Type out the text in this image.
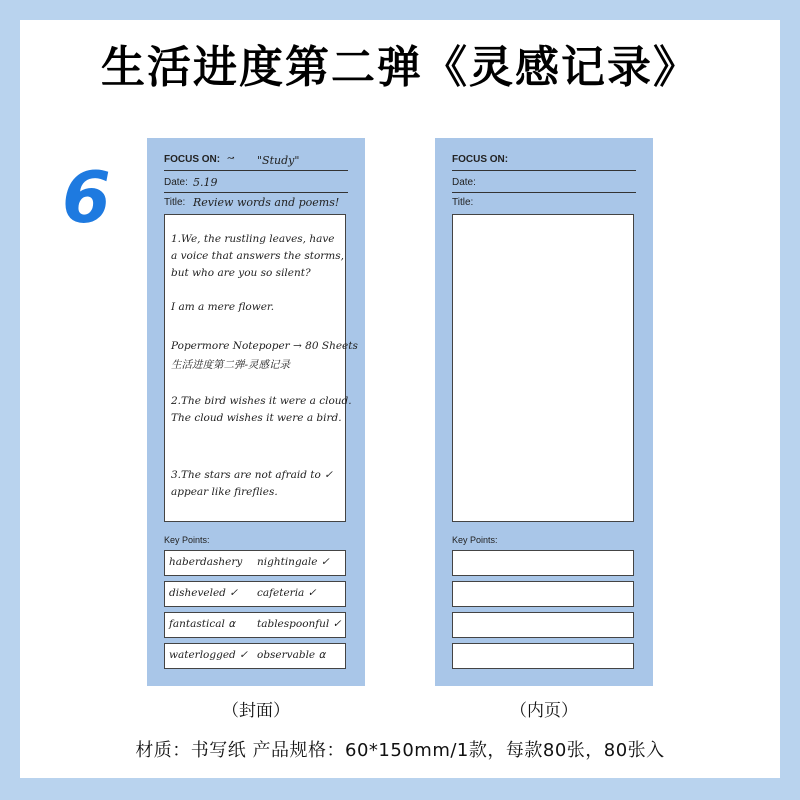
生活进度第二弹《灵感记录》
6	FOCUS ON: ↝ "Study"
Date: 5.19
Title: Review words and poems!
1.We, the rustling leaves, have
a voice that answers the storms,
but who are you so silent?
I am a mere flower.
Popermore Notepoper → 80 Sheets
生活进度第二弹-灵感记录
2.The bird wishes it were a cloud.
The cloud wishes it were a bird.
3.The stars are not afraid to ✓
appear like fireflies.
Key Points:
haberdashery nightingale ✓
disheveled ✓ cafeteria ✓
fantastical ⍺ tablespoonful ✓
waterlogged ✓ observable ⍺
FOCUS ON:
Date:
Title:
Key Points:
（封面）	（内页）
材质：书写纸 产品规格：60*150mm/1款，每款80张，80张入
